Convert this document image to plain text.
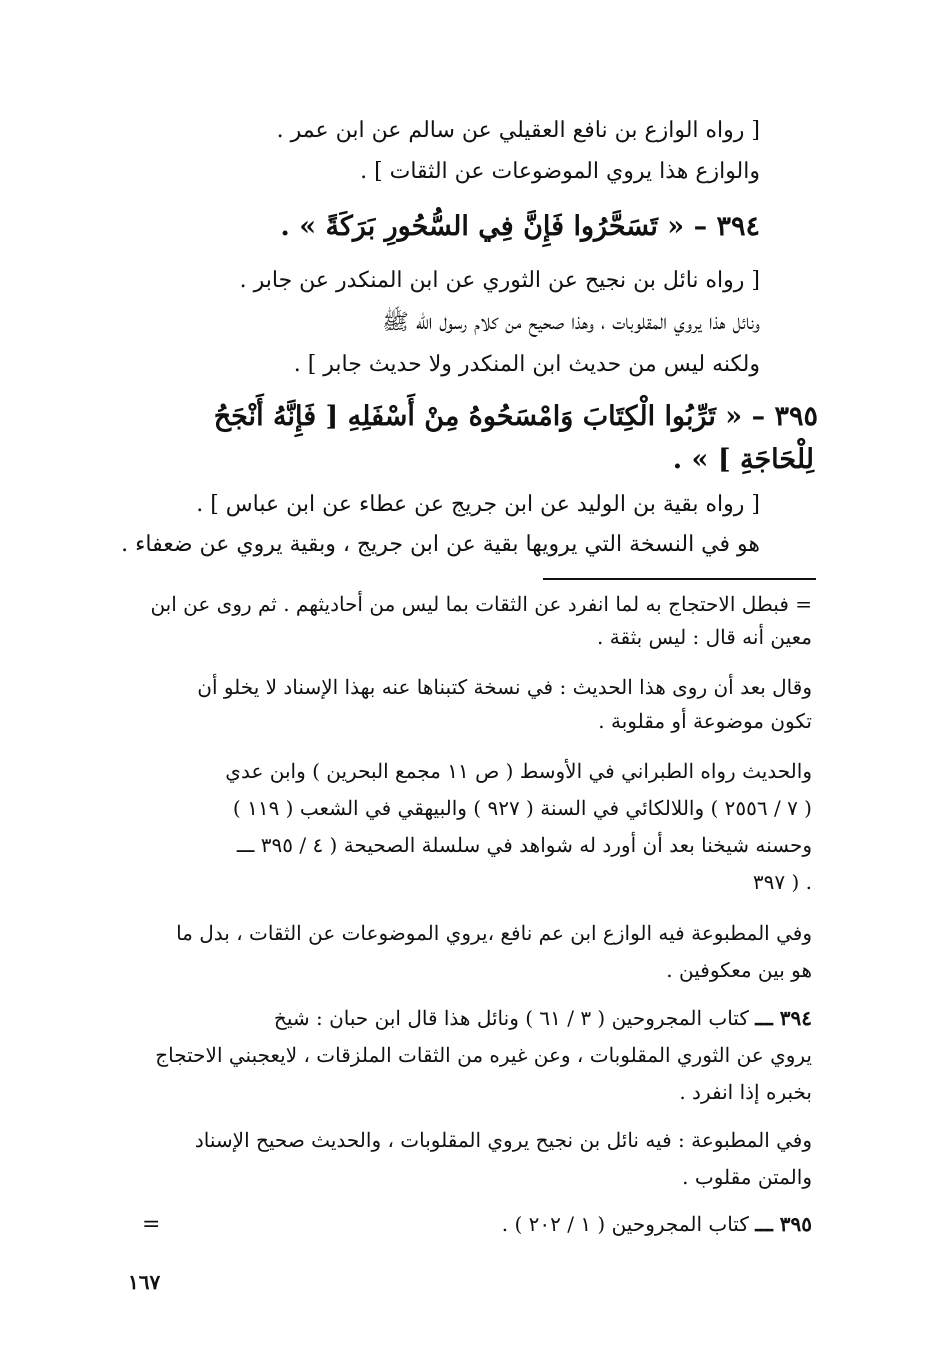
[ رواه الوازع بن نافع العقيلي عن سالم عن ابن عمر .

والوازع هذا يروي الموضوعات عن الثقات ] .

٣٩٤ – « تَسَحَّرُوا فَإِنَّ فِي السُّحُورِ بَرَكَةً » .

[ رواه نائل بن نجيح عن الثوري عن ابن المنكدر عن جابر .

ونائل هذا يروي المقلوبات ، وهذا صحيح من كلام رسول الله ﷺ

ولكنه ليس من حديث ابن المنكدر ولا حديث جابر ] .

٣٩٥ – « تَرِّبُوا الْكِتَابَ وَامْسَحُوهُ مِنْ أَسْفَلِهِ [ فَإِنَّهُ أَنْجَحُ

لِلْحَاجَةِ ] » .

[ رواه بقية بن الوليد عن ابن جريج عن عطاء عن ابن عباس ] .

هو في النسخة التي يرويها بقية عن ابن جريج ، وبقية يروي عن ضعفاء .

= فبطل الاحتجاج به لما انفرد عن الثقات بما ليس من أحاديثهم . ثم روى عن ابن

معين أنه قال : ليس بثقة .

وقال بعد أن روى هذا الحديث : في نسخة كتبناها عنه بهذا الإسناد لا يخلو أن

تكون موضوعة أو مقلوبة .

والحديث رواه الطبراني في الأوسط ( ص ١١ مجمع البحرين ) وابن عدي

( ٧ / ٢٥٥٦ ) واللالكائي في السنة ( ٩٢٧ ) والبيهقي في الشعب ( ١١٩ )

وحسنه شيخنا بعد أن أورد له شواهد في سلسلة الصحيحة ( ٤ / ٣٩٥ ـــ

٣٩٧ ) .

وفي المطبوعة فيه الوازع ابن عم نافع ،يروي الموضوعات عن الثقات ، بدل ما

هو بين معكوفين .

٣٩٤ ـــ كتاب المجروحين ( ٣ / ٦١ ) ونائل هذا قال ابن حبان : شيخ

يروي عن الثوري المقلوبات ، وعن غيره من الثقات الملزقات ، لايعجبني الاحتجاج

بخبره إذا انفرد .

وفي المطبوعة : فيه نائل بن نجيح يروي المقلوبات ، والحديث صحيح الإسناد

والمتن مقلوب .

٣٩٥ ـــ كتاب المجروحين ( ١ / ٢٠٢ ) .

=
١٦٧
